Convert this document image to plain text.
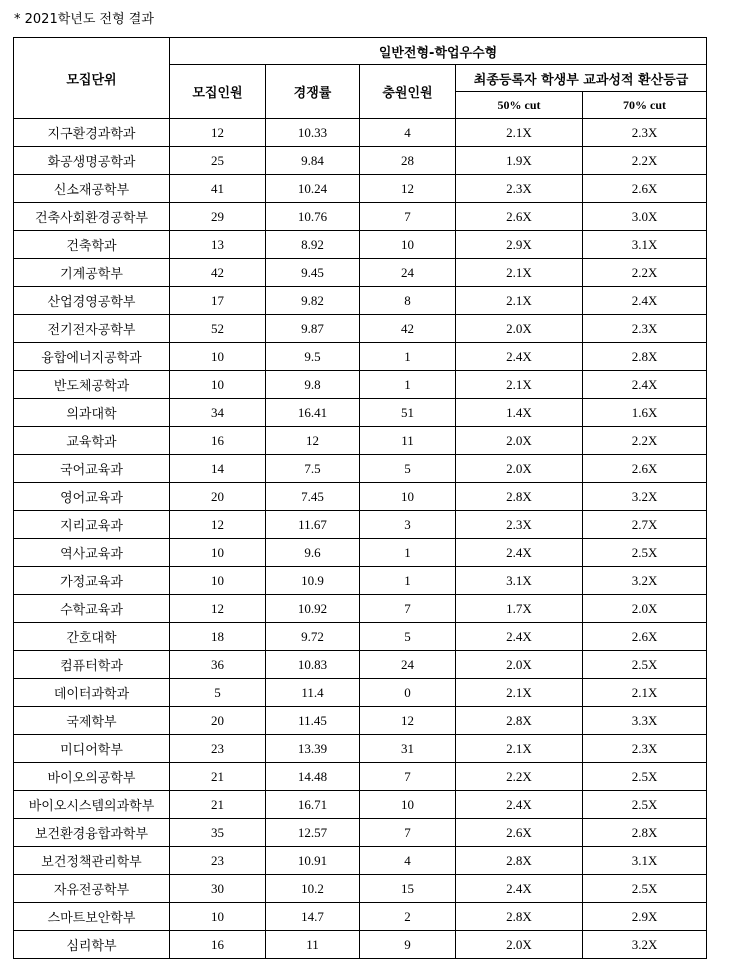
* 2021학년도 전형 결과
모집단위	일반전형-학업우수형				
	모집인원	경쟁률	충원인원	최종등록자 학생부 교과성적 환산등급	
				50% cut	70% cut
지구환경과학과	12	10.33	4	2.1X	2.3X
화공생명공학과	25	9.84	28	1.9X	2.2X
신소재공학부	41	10.24	12	2.3X	2.6X
건축사회환경공학부	29	10.76	7	2.6X	3.0X
건축학과	13	8.92	10	2.9X	3.1X
기계공학부	42	9.45	24	2.1X	2.2X
산업경영공학부	17	9.82	8	2.1X	2.4X
전기전자공학부	52	9.87	42	2.0X	2.3X
융합에너지공학과	10	9.5	1	2.4X	2.8X
반도체공학과	10	9.8	1	2.1X	2.4X
의과대학	34	16.41	51	1.4X	1.6X
교육학과	16	12	11	2.0X	2.2X
국어교육과	14	7.5	5	2.0X	2.6X
영어교육과	20	7.45	10	2.8X	3.2X
지리교육과	12	11.67	3	2.3X	2.7X
역사교육과	10	9.6	1	2.4X	2.5X
가정교육과	10	10.9	1	3.1X	3.2X
수학교육과	12	10.92	7	1.7X	2.0X
간호대학	18	9.72	5	2.4X	2.6X
컴퓨터학과	36	10.83	24	2.0X	2.5X
데이터과학과	5	11.4	0	2.1X	2.1X
국제학부	20	11.45	12	2.8X	3.3X
미디어학부	23	13.39	31	2.1X	2.3X
바이오의공학부	21	14.48	7	2.2X	2.5X
바이오시스템의과학부	21	16.71	10	2.4X	2.5X
보건환경융합과학부	35	12.57	7	2.6X	2.8X
보건정책관리학부	23	10.91	4	2.8X	3.1X
자유전공학부	30	10.2	15	2.4X	2.5X
스마트보안학부	10	14.7	2	2.8X	2.9X
심리학부	16	11	9	2.0X	3.2X
